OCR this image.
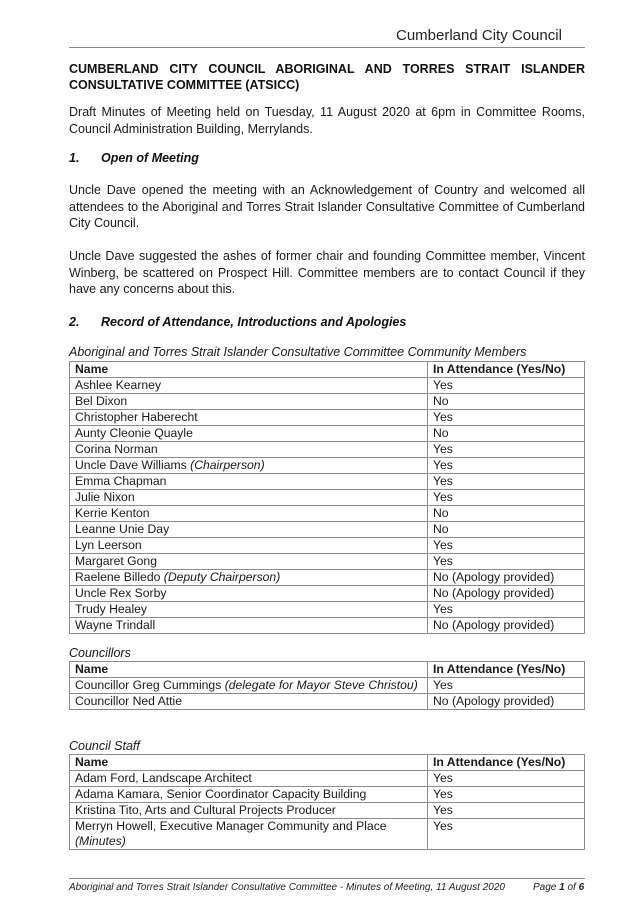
Cumberland City Council
CUMBERLAND CITY COUNCIL ABORIGINAL AND TORRES STRAIT ISLANDER CONSULTATIVE COMMITTEE (ATSICC)
Draft Minutes of Meeting held on Tuesday, 11 August 2020 at 6pm in Committee Rooms, Council Administration Building, Merrylands.
1. Open of Meeting
Uncle Dave opened the meeting with an Acknowledgement of Country and welcomed all attendees to the Aboriginal and Torres Strait Islander Consultative Committee of Cumberland City Council.
Uncle Dave suggested the ashes of former chair and founding Committee member, Vincent Winberg, be scattered on Prospect Hill. Committee members are to contact Council if they have any concerns about this.
2. Record of Attendance, Introductions and Apologies
Aboriginal and Torres Strait Islander Consultative Committee Community Members
Name	In Attendance (Yes/No)
Ashlee Kearney	Yes
Bel Dixon	No
Christopher Haberecht	Yes
Aunty Cleonie Quayle	No
Corina Norman	Yes
Uncle Dave Williams (Chairperson)	Yes
Emma Chapman	Yes
Julie Nixon	Yes
Kerrie Kenton	No
Leanne Unie Day	No
Lyn Leerson	Yes
Margaret Gong	Yes
Raelene Billedo (Deputy Chairperson)	No (Apology provided)
Uncle Rex Sorby	No (Apology provided)
Trudy Healey	Yes
Wayne Trindall	No (Apology provided)
Councillors
Name	In Attendance (Yes/No)
Councillor Greg Cummings (delegate for Mayor Steve Christou)	Yes
Councillor Ned Attie	No (Apology provided)
Council Staff
Name	In Attendance (Yes/No)
Adam Ford, Landscape Architect	Yes
Adama Kamara, Senior Coordinator Capacity Building	Yes
Kristina Tito, Arts and Cultural Projects Producer	Yes
Merryn Howell, Executive Manager Community and Place (Minutes)	Yes
Aboriginal and Torres Strait Islander Consultative Committee - Minutes of Meeting, 11 August 2020	Page 1 of 6
